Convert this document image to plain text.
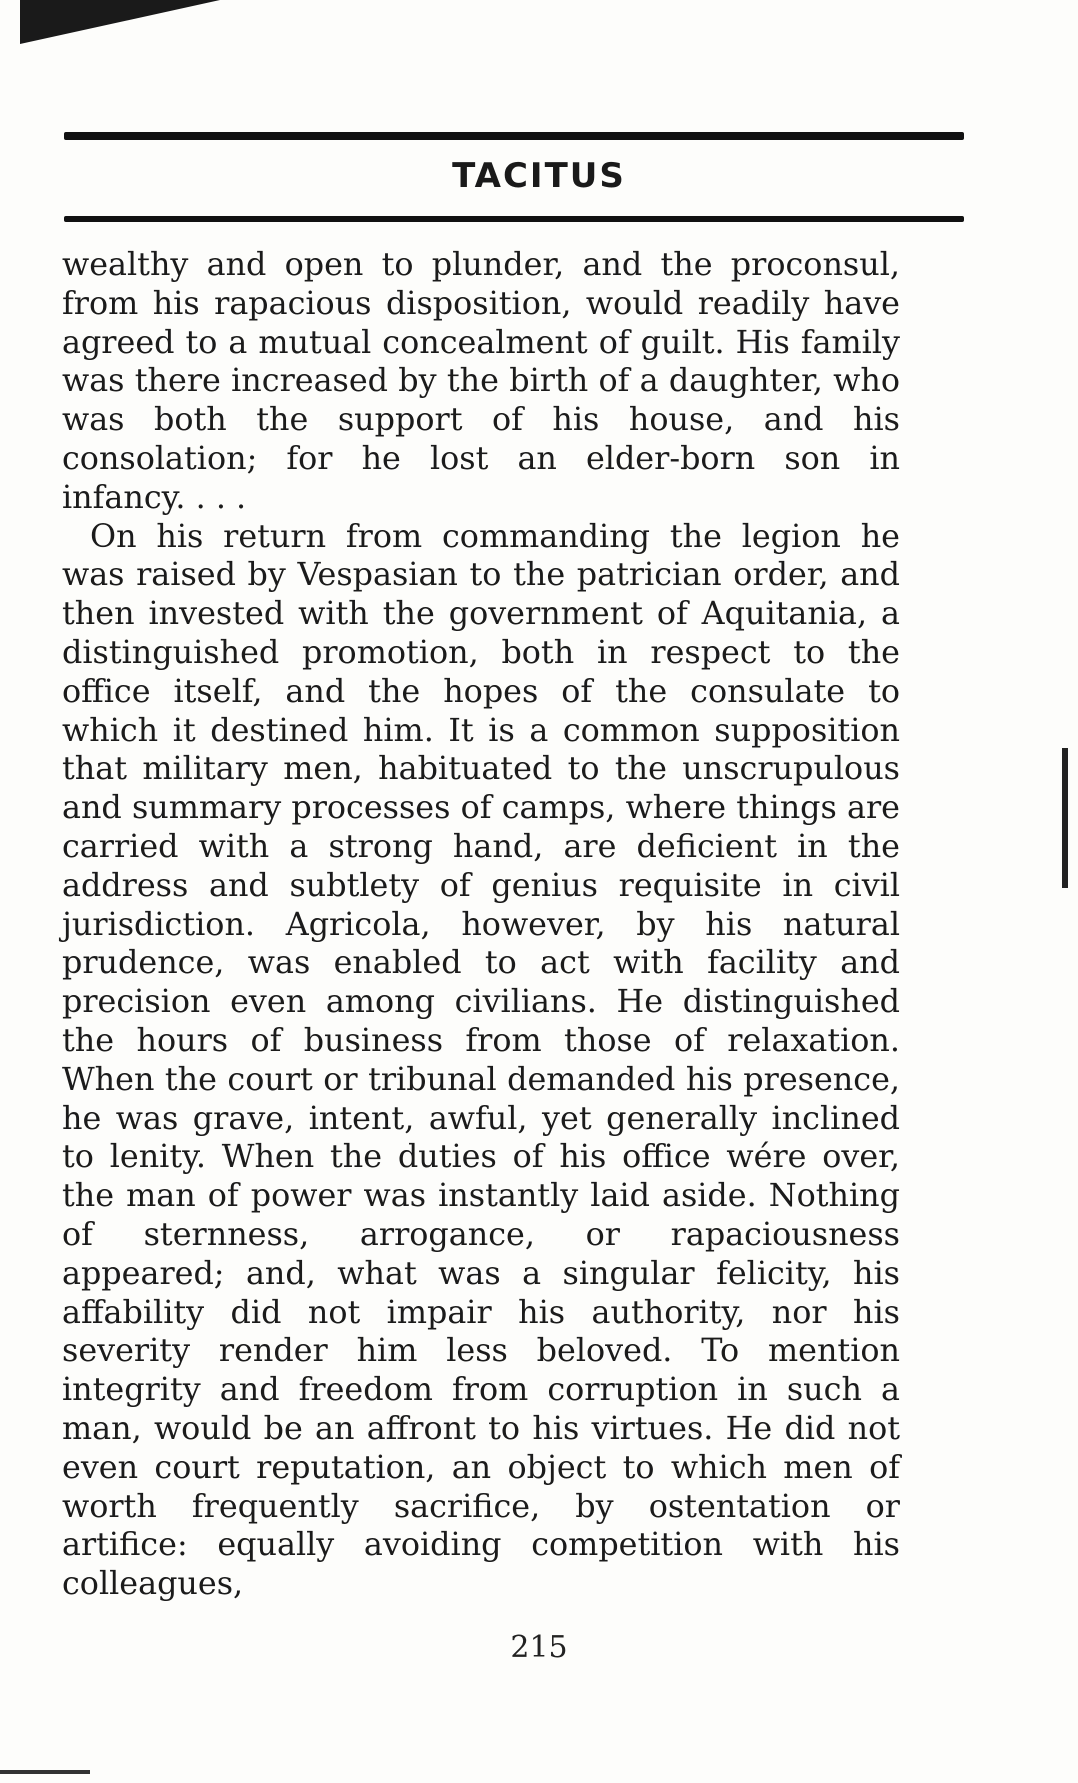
TACITUS

wealthy and open to plunder, and the proconsul, from his rapacious disposition, would readily have agreed to a mutual concealment of guilt. His family was there increased by the birth of a daughter, who was both the support of his house, and his consolation; for he lost an elder-born son in infancy. . . .

On his return from commanding the legion he was raised by Vespasian to the patrician order, and then invested with the government of Aquitania, a distinguished promotion, both in respect to the office itself, and the hopes of the consulate to which it destined him. It is a common supposition that military men, habituated to the unscrupulous and summary processes of camps, where things are carried with a strong hand, are deficient in the address and subtlety of genius requisite in civil jurisdiction. Agricola, however, by his natural prudence, was enabled to act with facility and precision even among civilians. He distinguished the hours of business from those of relaxation. When the court or tribunal demanded his presence, he was grave, intent, awful, yet generally inclined to lenity. When the duties of his office wére over, the man of power was instantly laid aside. Nothing of sternness, arrogance, or rapaciousness appeared; and, what was a singular felicity, his affability did not impair his authority, nor his severity render him less beloved. To mention integrity and freedom from corruption in such a man, would be an affront to his virtues. He did not even court reputation, an object to which men of worth frequently sacrifice, by ostentation or artifice: equally avoiding competition with his colleagues,

215
